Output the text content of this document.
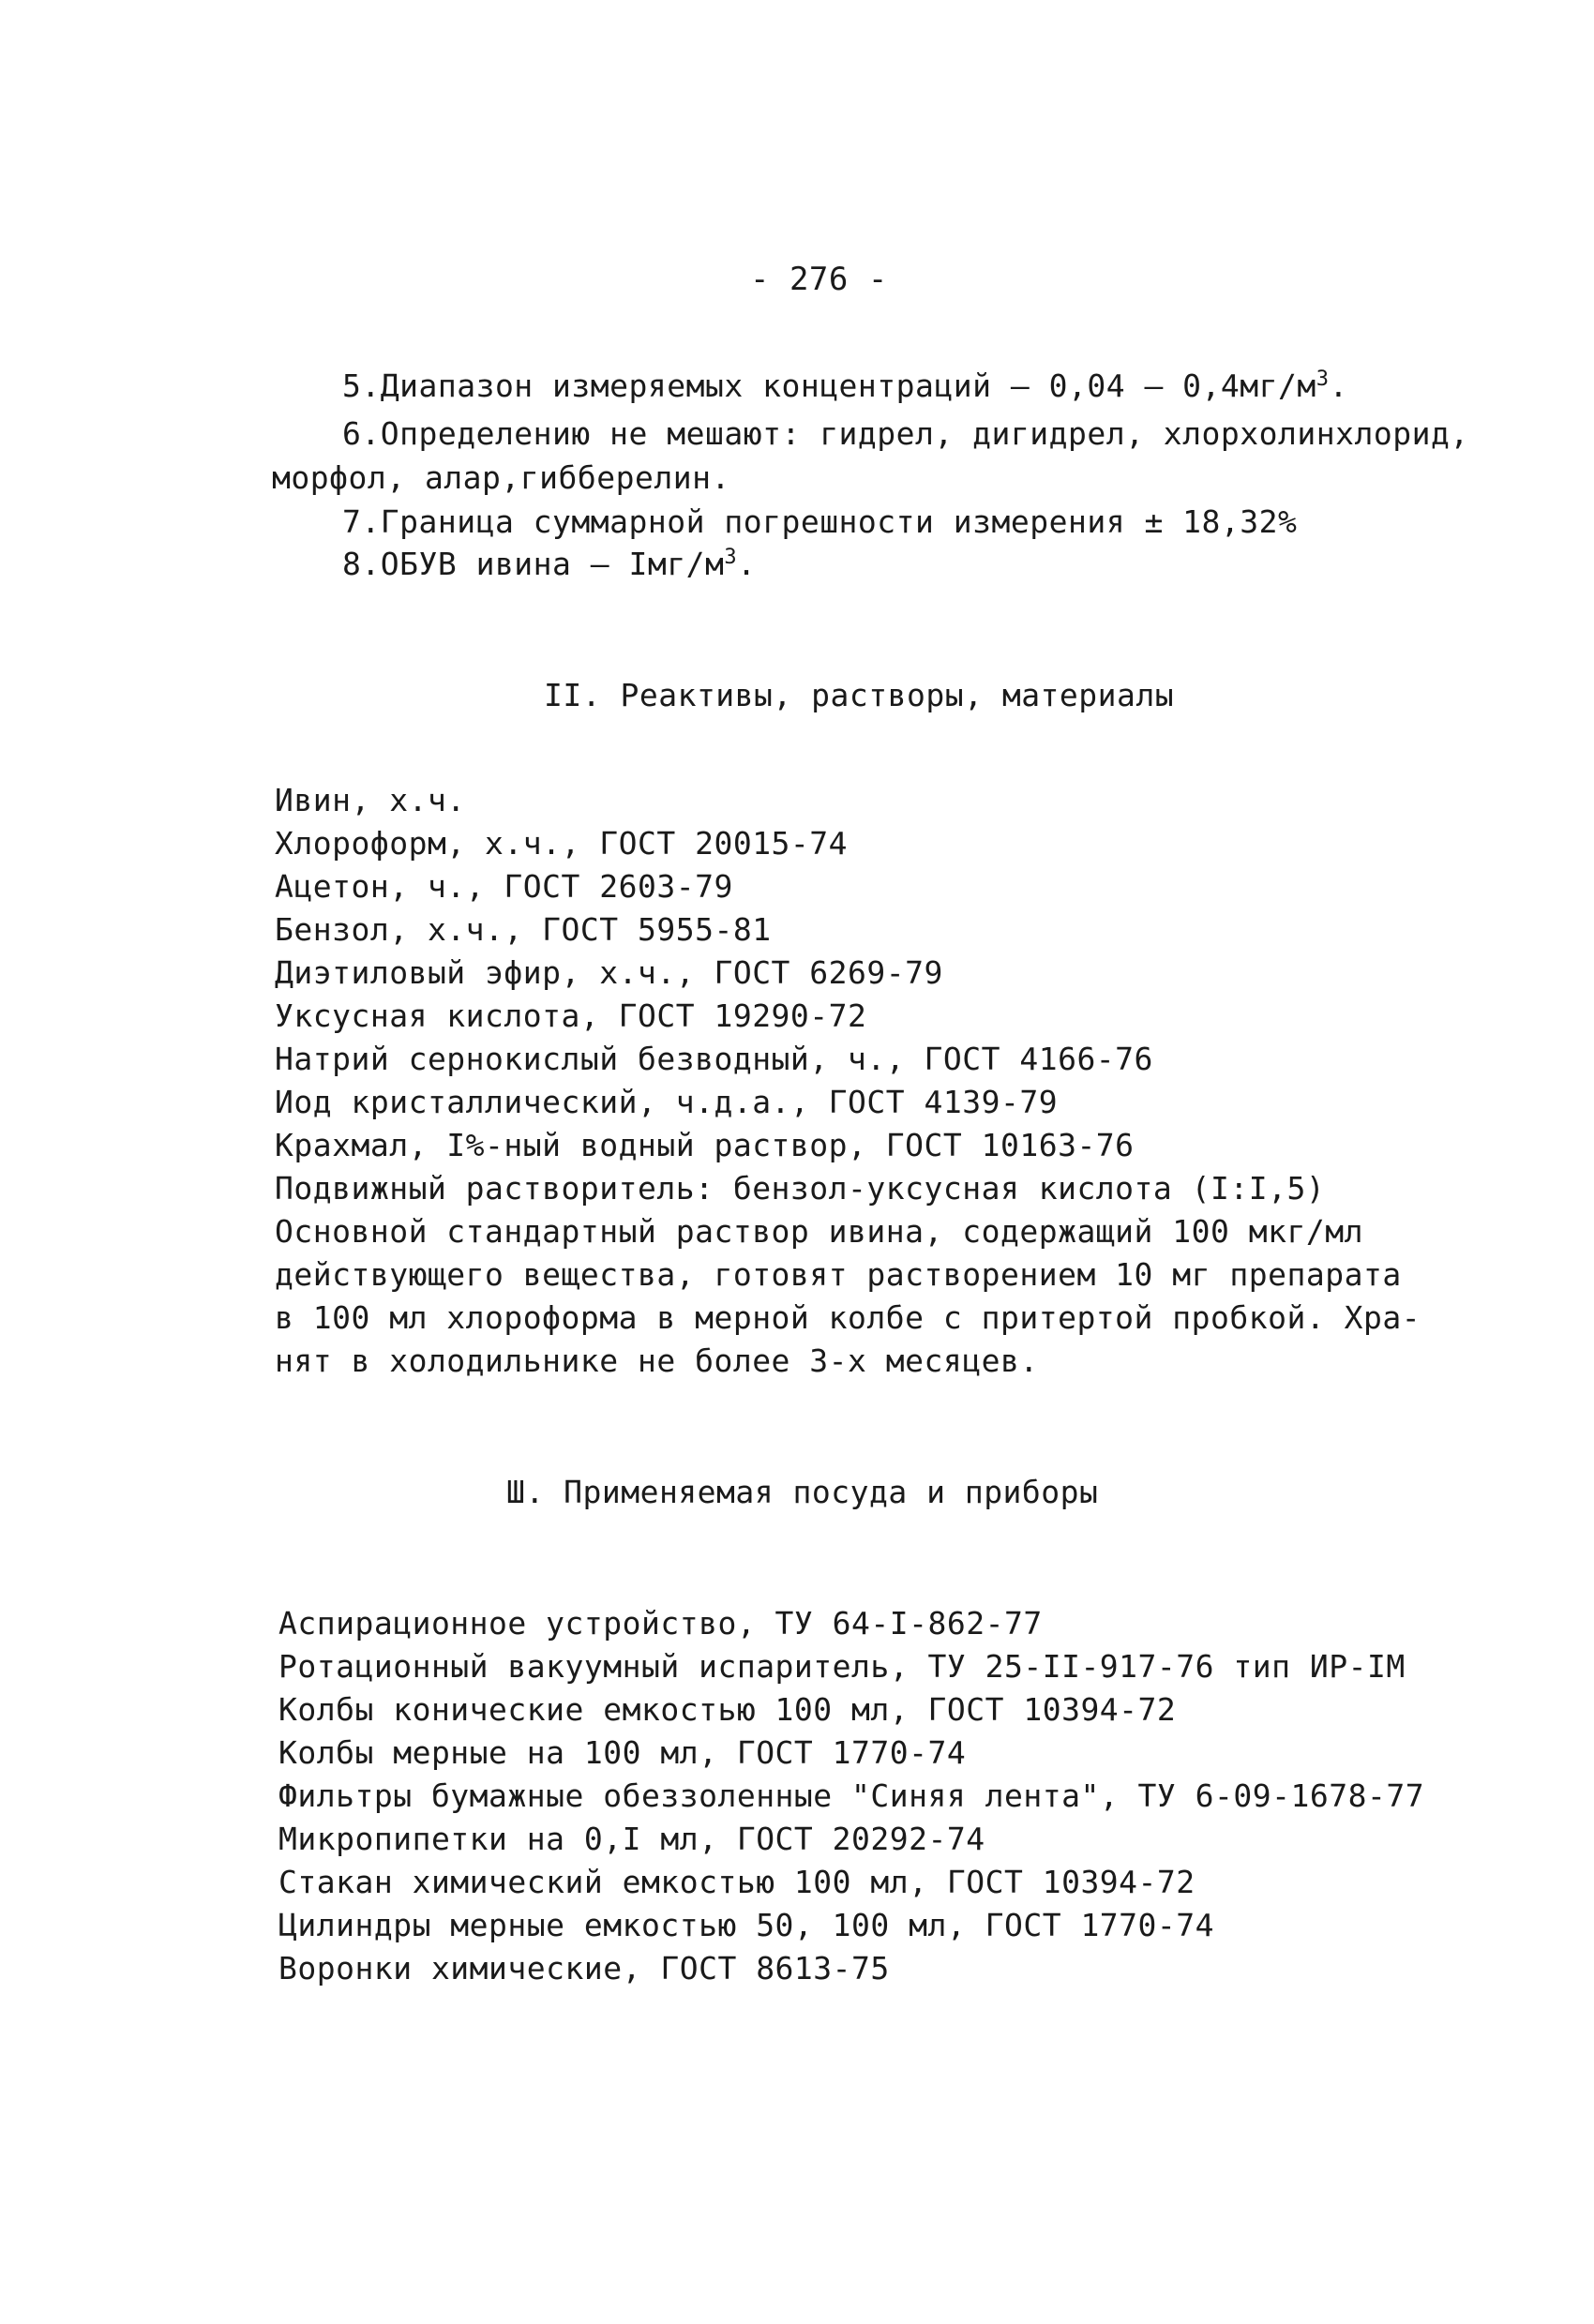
- 276 -
5.Диапазон измеряемых концентраций – $0,04 - 0,4мг/м^3$.
6.Определению не мешают: гидрел, дигидрел, хлорхолинхлорид,
морфол, алар,гибберелин.
7.Граница суммарной погрешности измерения ± 18,32%
8.ОБУВ ивина – Iмг/$м^3$.
II. Реактивы, растворы, материалы
Ивин, х.ч.
Хлороформ, х.ч., ГОСТ 20015-74
Ацетон, ч., ГОСТ 2603-79
Бензол, х.ч., ГОСТ 5955-81
Диэтиловый эфир, х.ч., ГОСТ 6269-79
Уксусная кислота, ГОСТ 19290-72
Натрий сернокислый безводный, ч., ГОСТ 4166-76
Иод кристаллический, ч.д.а., ГОСТ 4139-79
Крахмал, I%-ный водный раствор, ГОСТ 10163-76
Подвижный растворитель: бензол-уксусная кислота (I:I,5)
Основной стандартный раствор ивина, содержащий 100 мкг/мл
действующего вещества, готовят растворением 10 мг препарата
в 100 мл хлороформа в мерной колбе с притертой пробкой. Хра-
нят в холодильнике не более 3-х месяцев.
Ш. Применяемая посуда и приборы
Аспирационное устройство, ТУ 64-I-862-77
Ротационный вакуумный испаритель, ТУ 25-II-917-76 тип ИР-IМ
Колбы конические емкостью 100 мл, ГОСТ 10394-72
Колбы мерные на 100 мл, ГОСТ 1770-74
Фильтры бумажные обеззоленные "Синяя лента", ТУ 6-09-1678-77
Микропипетки на 0,I мл, ГОСТ 20292-74
Стакан химический емкостью 100 мл, ГОСТ 10394-72
Цилиндры мерные емкостью 50, 100 мл, ГОСТ 1770-74
Воронки химические, ГОСТ 8613-75
